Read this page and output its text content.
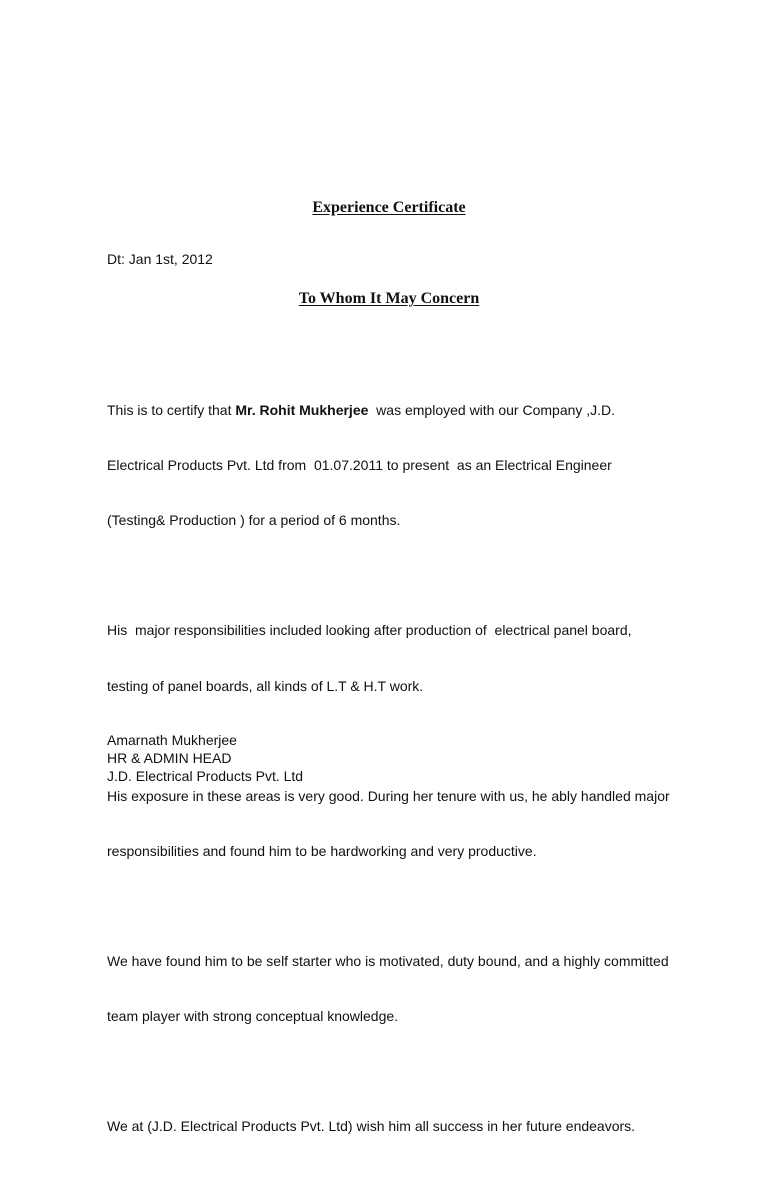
Experience Certificate
Dt: Jan 1st, 2012
To Whom It May Concern

This is to certify that Mr. Rohit Mukherjee  was employed with our Company ,J.D.

Electrical Products Pvt. Ltd from  01.07.2011 to present  as an Electrical Engineer

(Testing& Production ) for a period of 6 months.

His  major responsibilities included looking after production of  electrical panel board,

testing of panel boards, all kinds of L.T & H.T work.

His exposure in these areas is very good. During her tenure with us, he ably handled major

responsibilities and found him to be hardworking and very productive.

We have found him to be self starter who is motivated, duty bound, and a highly committed

team player with strong conceptual knowledge.

We at (J.D. Electrical Products Pvt. Ltd) wish him all success in her future endeavors.

Amarnath Mukherjee
HR & ADMIN HEAD
J.D. Electrical Products Pvt. Ltd
